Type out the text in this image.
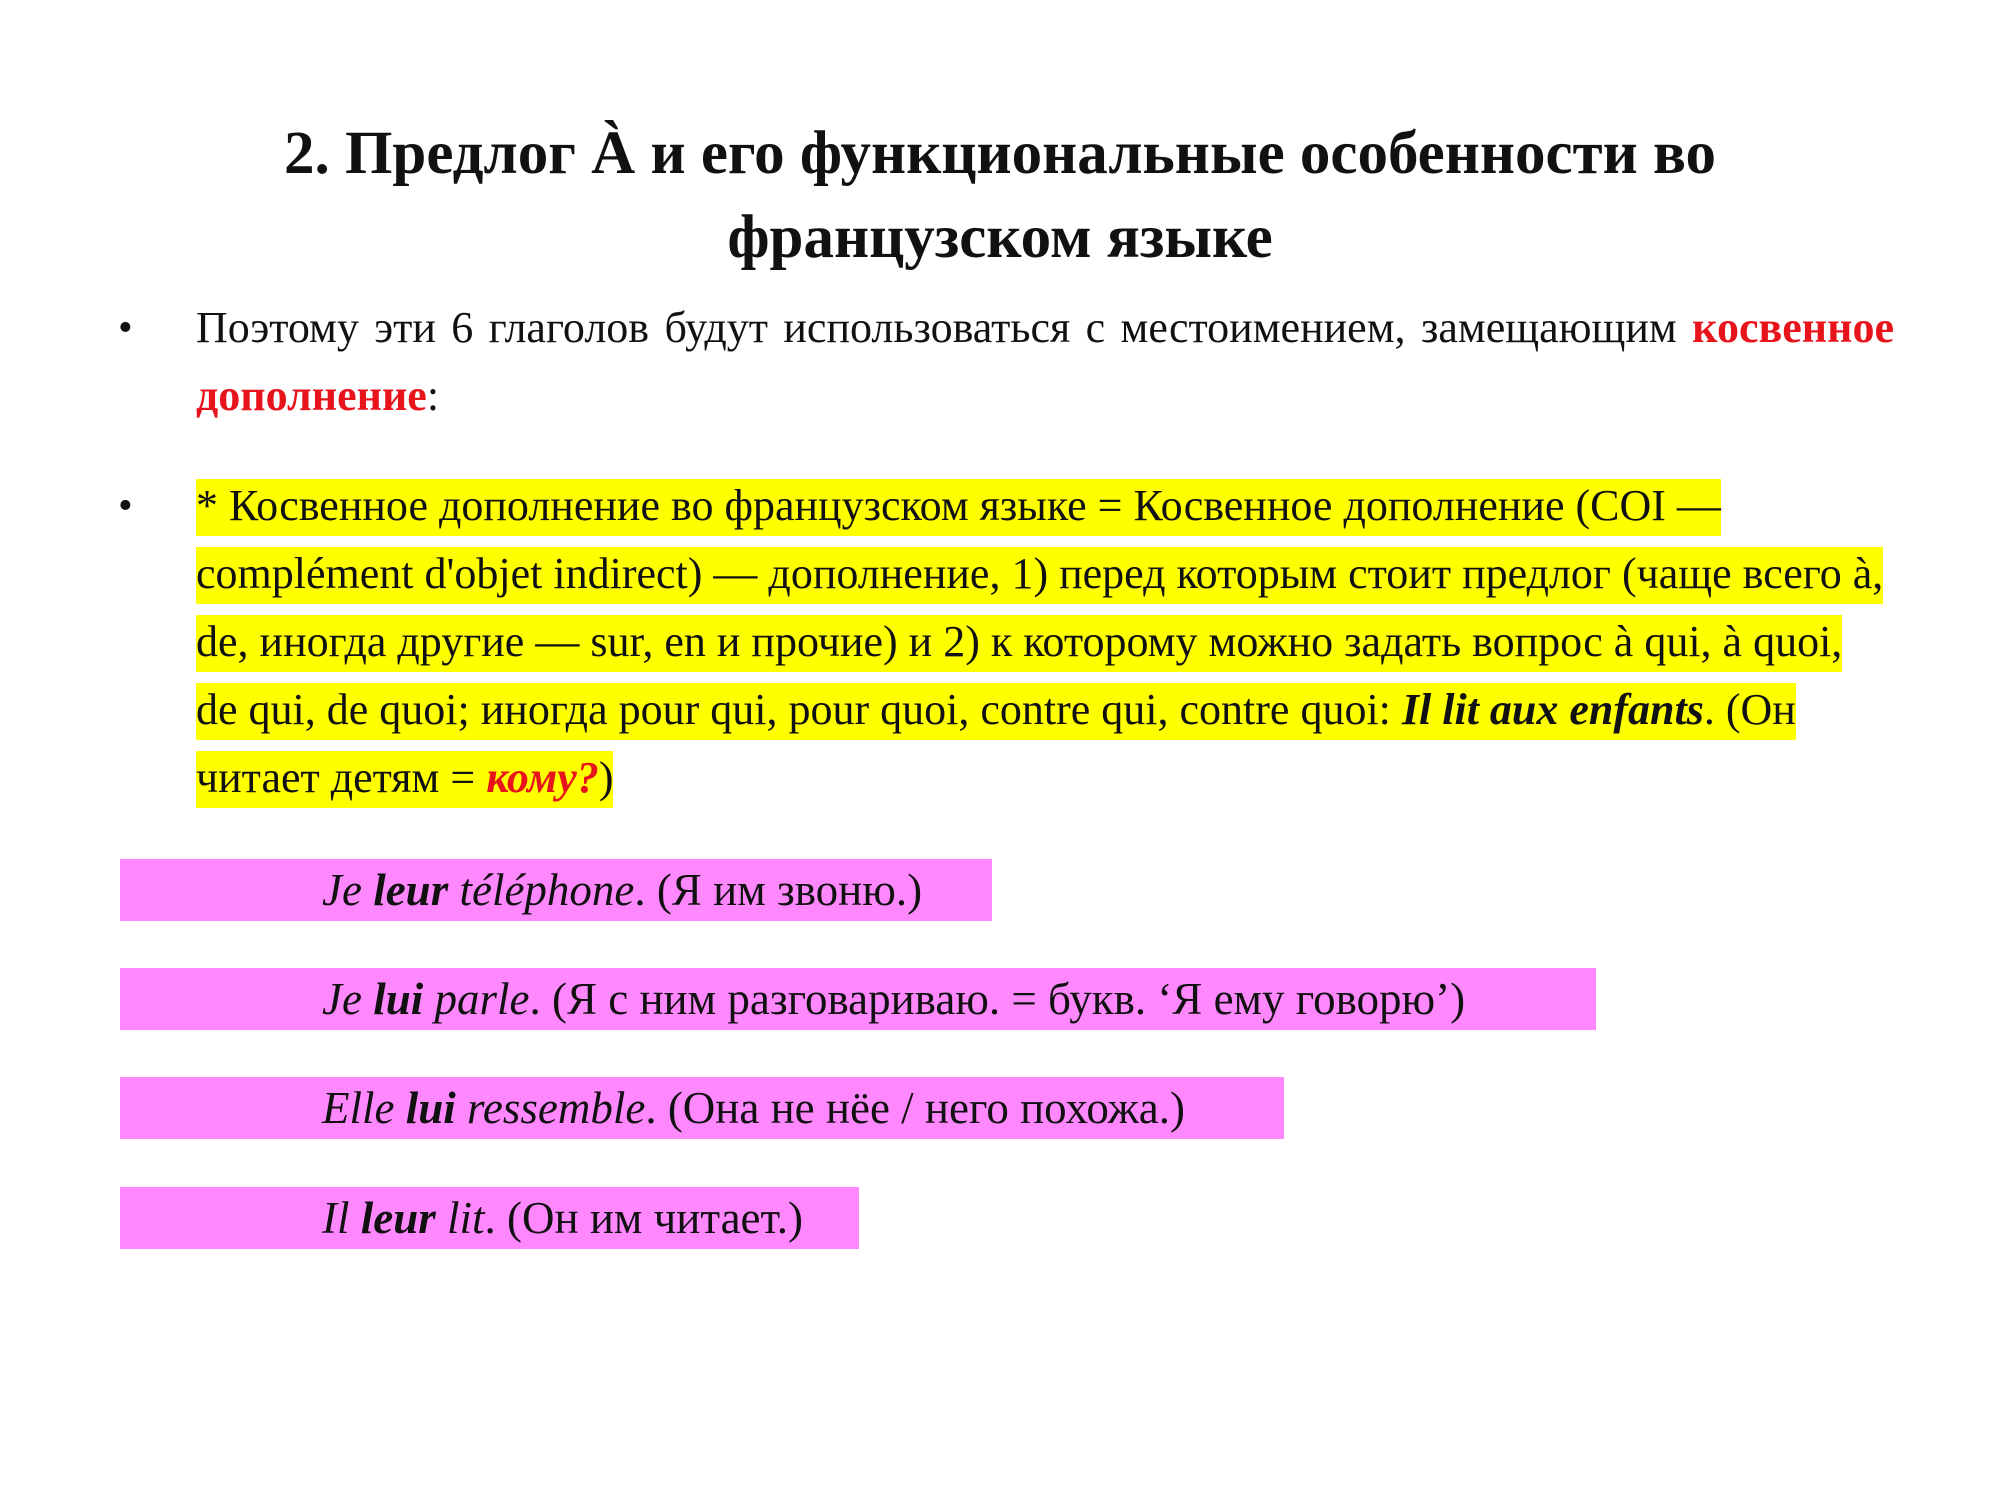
2. Предлог À и его функциональные особенности во
французском языке
• Поэтому эти 6 глаголов будут использоваться с местоимением, замещающим косвенное дополнение:
• * Косвенное дополнение во французском языке = Косвенное дополнение (COI — complément d'objet indirect) — дополнение, 1) перед которым стоит предлог (чаще всего à, de, иногда другие — sur, en и прочие) и 2) к которому можно задать вопрос à qui, à quoi, de qui, de quoi; иногда pour qui, pour quoi, contre qui, contre quoi: Il lit aux enfants. (Он читает детям = кому?)
Je leur téléphone. (Я им звоню.)
Je lui parle. (Я с ним разговариваю. = букв. ‘Я ему говорю’)
Elle lui ressemble. (Она не нёе / него похожа.)
Il leur lit. (Он им читает.)
